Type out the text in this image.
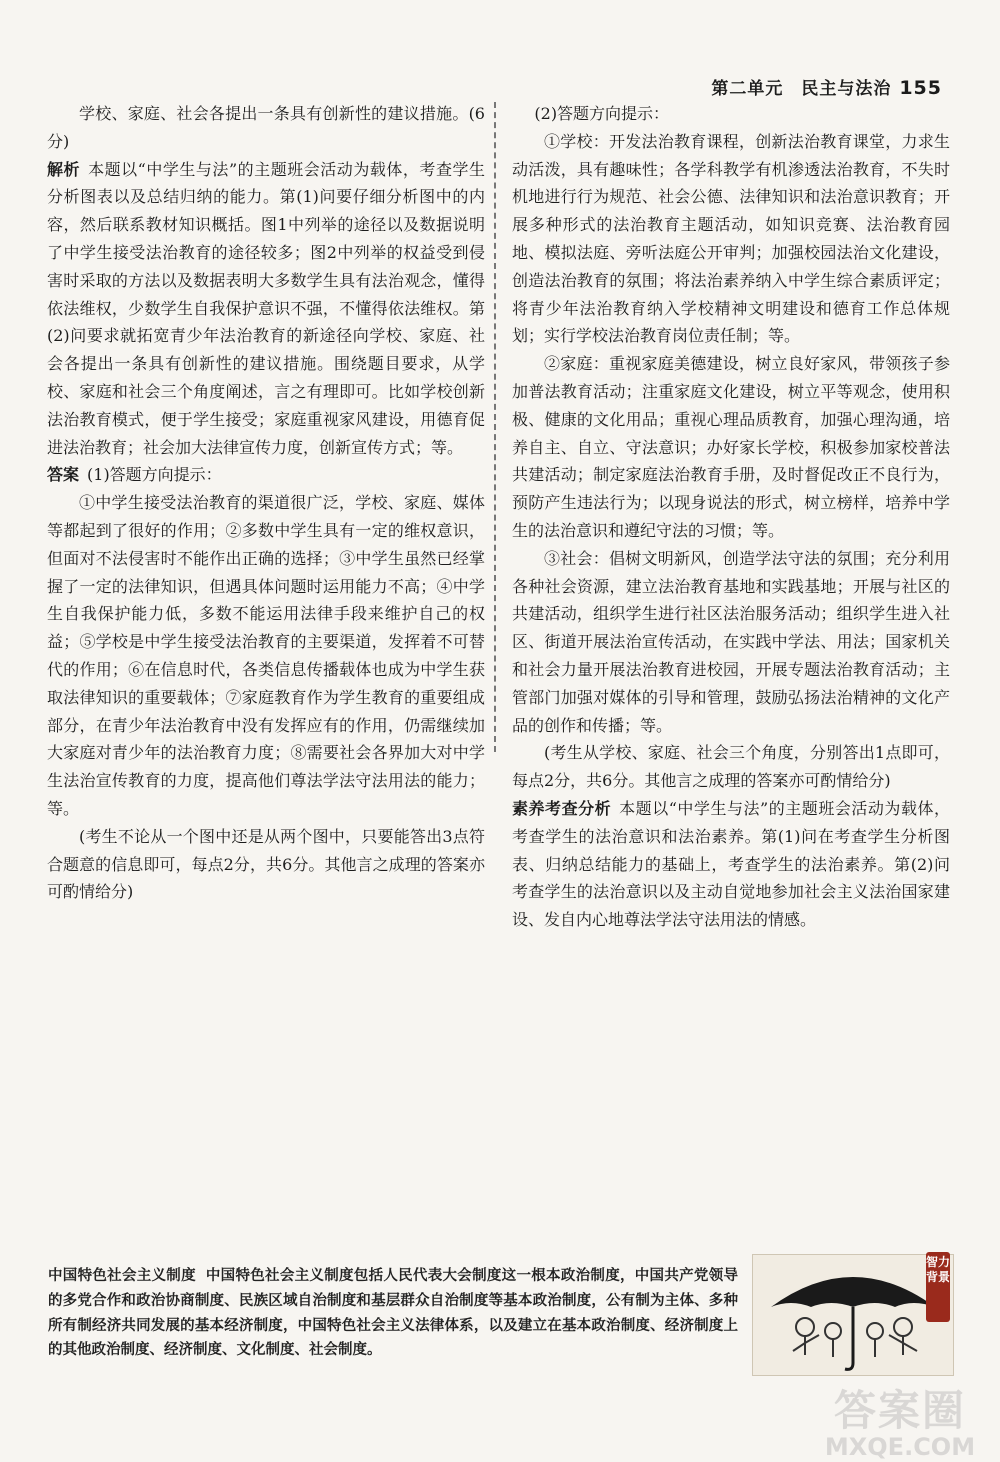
第二单元　民主与法治 155

学校、家庭、社会各提出一条具有创新性的建议措施。(6分)

解析 本题以“中学生与法”的主题班会活动为载体，考查学生分析图表以及总结归纳的能力。第(1)问要仔细分析图中的内容，然后联系教材知识概括。图1中列举的途径以及数据说明了中学生接受法治教育的途径较多；图2中列举的权益受到侵害时采取的方法以及数据表明大多数学生具有法治观念，懂得依法维权，少数学生自我保护意识不强，不懂得依法维权。第(2)问要求就拓宽青少年法治教育的新途径向学校、家庭、社会各提出一条具有创新性的建议措施。围绕题目要求，从学校、家庭和社会三个角度阐述，言之有理即可。比如学校创新法治教育模式，便于学生接受；家庭重视家风建设，用德育促进法治教育；社会加大法律宣传力度，创新宣传方式；等。

答案 (1)答题方向提示：

①中学生接受法治教育的渠道很广泛，学校、家庭、媒体等都起到了很好的作用；②多数中学生具有一定的维权意识，但面对不法侵害时不能作出正确的选择；③中学生虽然已经掌握了一定的法律知识，但遇具体问题时运用能力不高；④中学生自我保护能力低，多数不能运用法律手段来维护自己的权益；⑤学校是中学生接受法治教育的主要渠道，发挥着不可替代的作用；⑥在信息时代，各类信息传播载体也成为中学生获取法律知识的重要载体；⑦家庭教育作为学生教育的重要组成部分，在青少年法治教育中没有发挥应有的作用，仍需继续加大家庭对青少年的法治教育力度；⑧需要社会各界加大对中学生法治宣传教育的力度，提高他们尊法学法守法用法的能力；等。

(考生不论从一个图中还是从两个图中，只要能答出3点符合题意的信息即可，每点2分，共6分。其他言之成理的答案亦可酌情给分)

(2)答题方向提示：

①学校：开发法治教育课程，创新法治教育课堂，力求生动活泼，具有趣味性；各学科教学有机渗透法治教育，不失时机地进行行为规范、社会公德、法律知识和法治意识教育；开展多种形式的法治教育主题活动，如知识竞赛、法治教育园地、模拟法庭、旁听法庭公开审判；加强校园法治文化建设，创造法治教育的氛围；将法治素养纳入中学生综合素质评定；将青少年法治教育纳入学校精神文明建设和德育工作总体规划；实行学校法治教育岗位责任制；等。

②家庭：重视家庭美德建设，树立良好家风，带领孩子参加普法教育活动；注重家庭文化建设，树立平等观念，使用积极、健康的文化用品；重视心理品质教育，加强心理沟通，培养自主、自立、守法意识；办好家长学校，积极参加家校普法共建活动；制定家庭法治教育手册，及时督促改正不良行为，预防产生违法行为；以现身说法的形式，树立榜样，培养中学生的法治意识和遵纪守法的习惯；等。

③社会：倡树文明新风，创造学法守法的氛围；充分利用各种社会资源，建立法治教育基地和实践基地；开展与社区的共建活动，组织学生进行社区法治服务活动；组织学生进入社区、街道开展法治宣传活动，在实践中学法、用法；国家机关和社会力量开展法治教育进校园，开展专题法治教育活动；主管部门加强对媒体的引导和管理，鼓励弘扬法治精神的文化产品的创作和传播；等。

(考生从学校、家庭、社会三个角度，分别答出1点即可，每点2分，共6分。其他言之成理的答案亦可酌情给分)

素养考查分析 本题以“中学生与法”的主题班会活动为载体，考查学生的法治意识和法治素养。第(1)问在考查学生分析图表、归纳总结能力的基础上，考查学生的法治素养。第(2)问考查学生的法治意识以及主动自觉地参加社会主义法治国家建设、发自内心地尊法学法守法用法的情感。

中国特色社会主义制度 中国特色社会主义制度包括人民代表大会制度这一根本政治制度，中国共产党领导的多党合作和政治协商制度、民族区域自治制度和基层群众自治制度等基本政治制度，公有制为主体、多种所有制经济共同发展的基本经济制度，中国特色社会主义法律体系，以及建立在基本政治制度、经济制度上的其他政治制度、经济制度、文化制度、社会制度。
智力背景
答案圈
MXQE.COM
